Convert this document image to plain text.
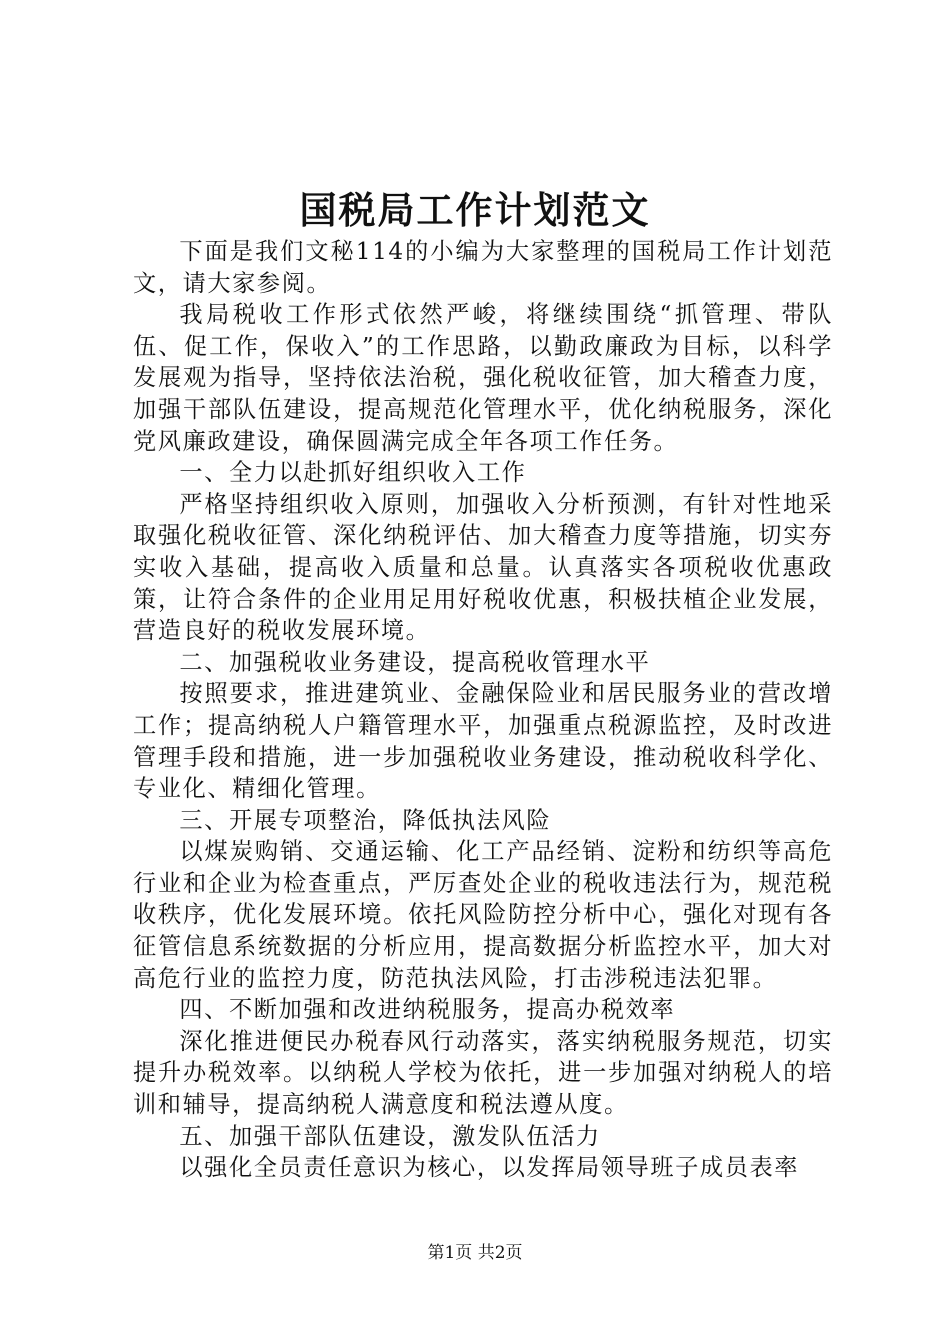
国税局工作计划范文

下面是我们文秘114的小编为大家整理的国税局工作计划范文，请大家参阅。

我局税收工作形式依然严峻，将继续围绕“抓管理、带队伍、促工作，保收入”的工作思路，以勤政廉政为目标，以科学发展观为指导，坚持依法治税，强化税收征管，加大稽查力度，加强干部队伍建设，提高规范化管理水平，优化纳税服务，深化党风廉政建设，确保圆满完成全年各项工作任务。

一、全力以赴抓好组织收入工作

严格坚持组织收入原则，加强收入分析预测，有针对性地采取强化税收征管、深化纳税评估、加大稽查力度等措施，切实夯实收入基础，提高收入质量和总量。认真落实各项税收优惠政策，让符合条件的企业用足用好税收优惠，积极扶植企业发展，营造良好的税收发展环境。

二、加强税收业务建设，提高税收管理水平

按照要求，推进建筑业、金融保险业和居民服务业的营改增工作；提高纳税人户籍管理水平，加强重点税源监控，及时改进管理手段和措施，进一步加强税收业务建设，推动税收科学化、专业化、精细化管理。

三、开展专项整治，降低执法风险

以煤炭购销、交通运输、化工产品经销、淀粉和纺织等高危行业和企业为检查重点，严厉查处企业的税收违法行为，规范税收秩序，优化发展环境。依托风险防控分析中心，强化对现有各征管信息系统数据的分析应用，提高数据分析监控水平，加大对高危行业的监控力度，防范执法风险，打击涉税违法犯罪。

四、不断加强和改进纳税服务，提高办税效率

深化推进便民办税春风行动落实，落实纳税服务规范，切实提升办税效率。以纳税人学校为依托，进一步加强对纳税人的培训和辅导，提高纳税人满意度和税法遵从度。

五、加强干部队伍建设，激发队伍活力

以强化全员责任意识为核心，以发挥局领导班子成员表率

第1页 共2页
